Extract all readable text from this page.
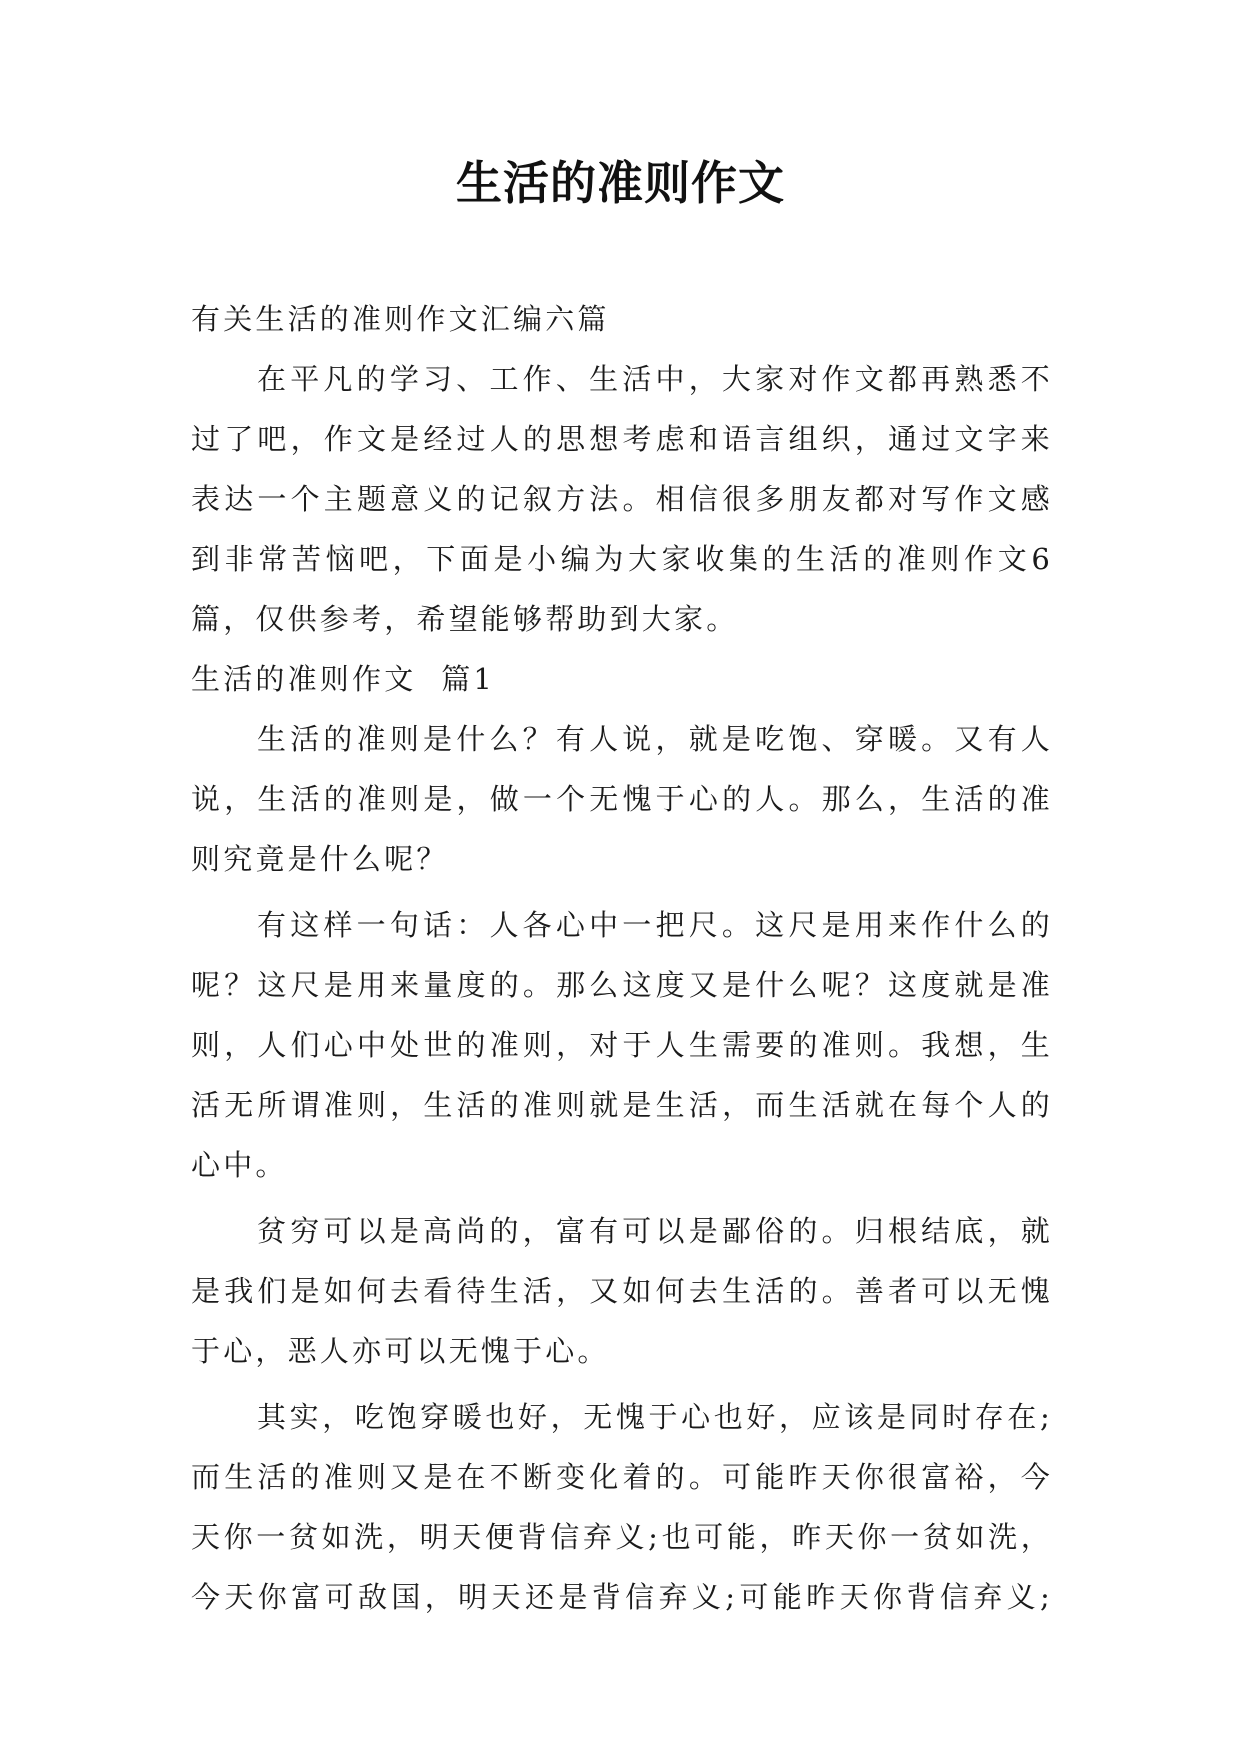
生活的准则作文
有关生活的准则作文汇编六篇
在平凡的学习、工作、生活中，大家对作文都再熟悉不
过了吧，作文是经过人的思想考虑和语言组织，通过文字来
表达一个主题意义的记叙方法。相信很多朋友都对写作文感
到非常苦恼吧，下面是小编为大家收集的生活的准则作文6
篇，仅供参考，希望能够帮助到大家。
生活的准则作文  篇1
生活的准则是什么？有人说，就是吃饱、穿暖。又有人
说，生活的准则是，做一个无愧于心的人。那么，生活的准
则究竟是什么呢？
有这样一句话：人各心中一把尺。这尺是用来作什么的
呢？这尺是用来量度的。那么这度又是什么呢？这度就是准
则，人们心中处世的准则，对于人生需要的准则。我想，生
活无所谓准则，生活的准则就是生活，而生活就在每个人的
心中。
贫穷可以是高尚的，富有可以是鄙俗的。归根结底，就
是我们是如何去看待生活，又如何去生活的。善者可以无愧
于心，恶人亦可以无愧于心。
其实，吃饱穿暖也好，无愧于心也好，应该是同时存在;
而生活的准则又是在不断变化着的。可能昨天你很富裕，今
天你一贫如洗，明天便背信弃义;也可能，昨天你一贫如洗，
今天你富可敌国，明天还是背信弃义;可能昨天你背信弃义;
